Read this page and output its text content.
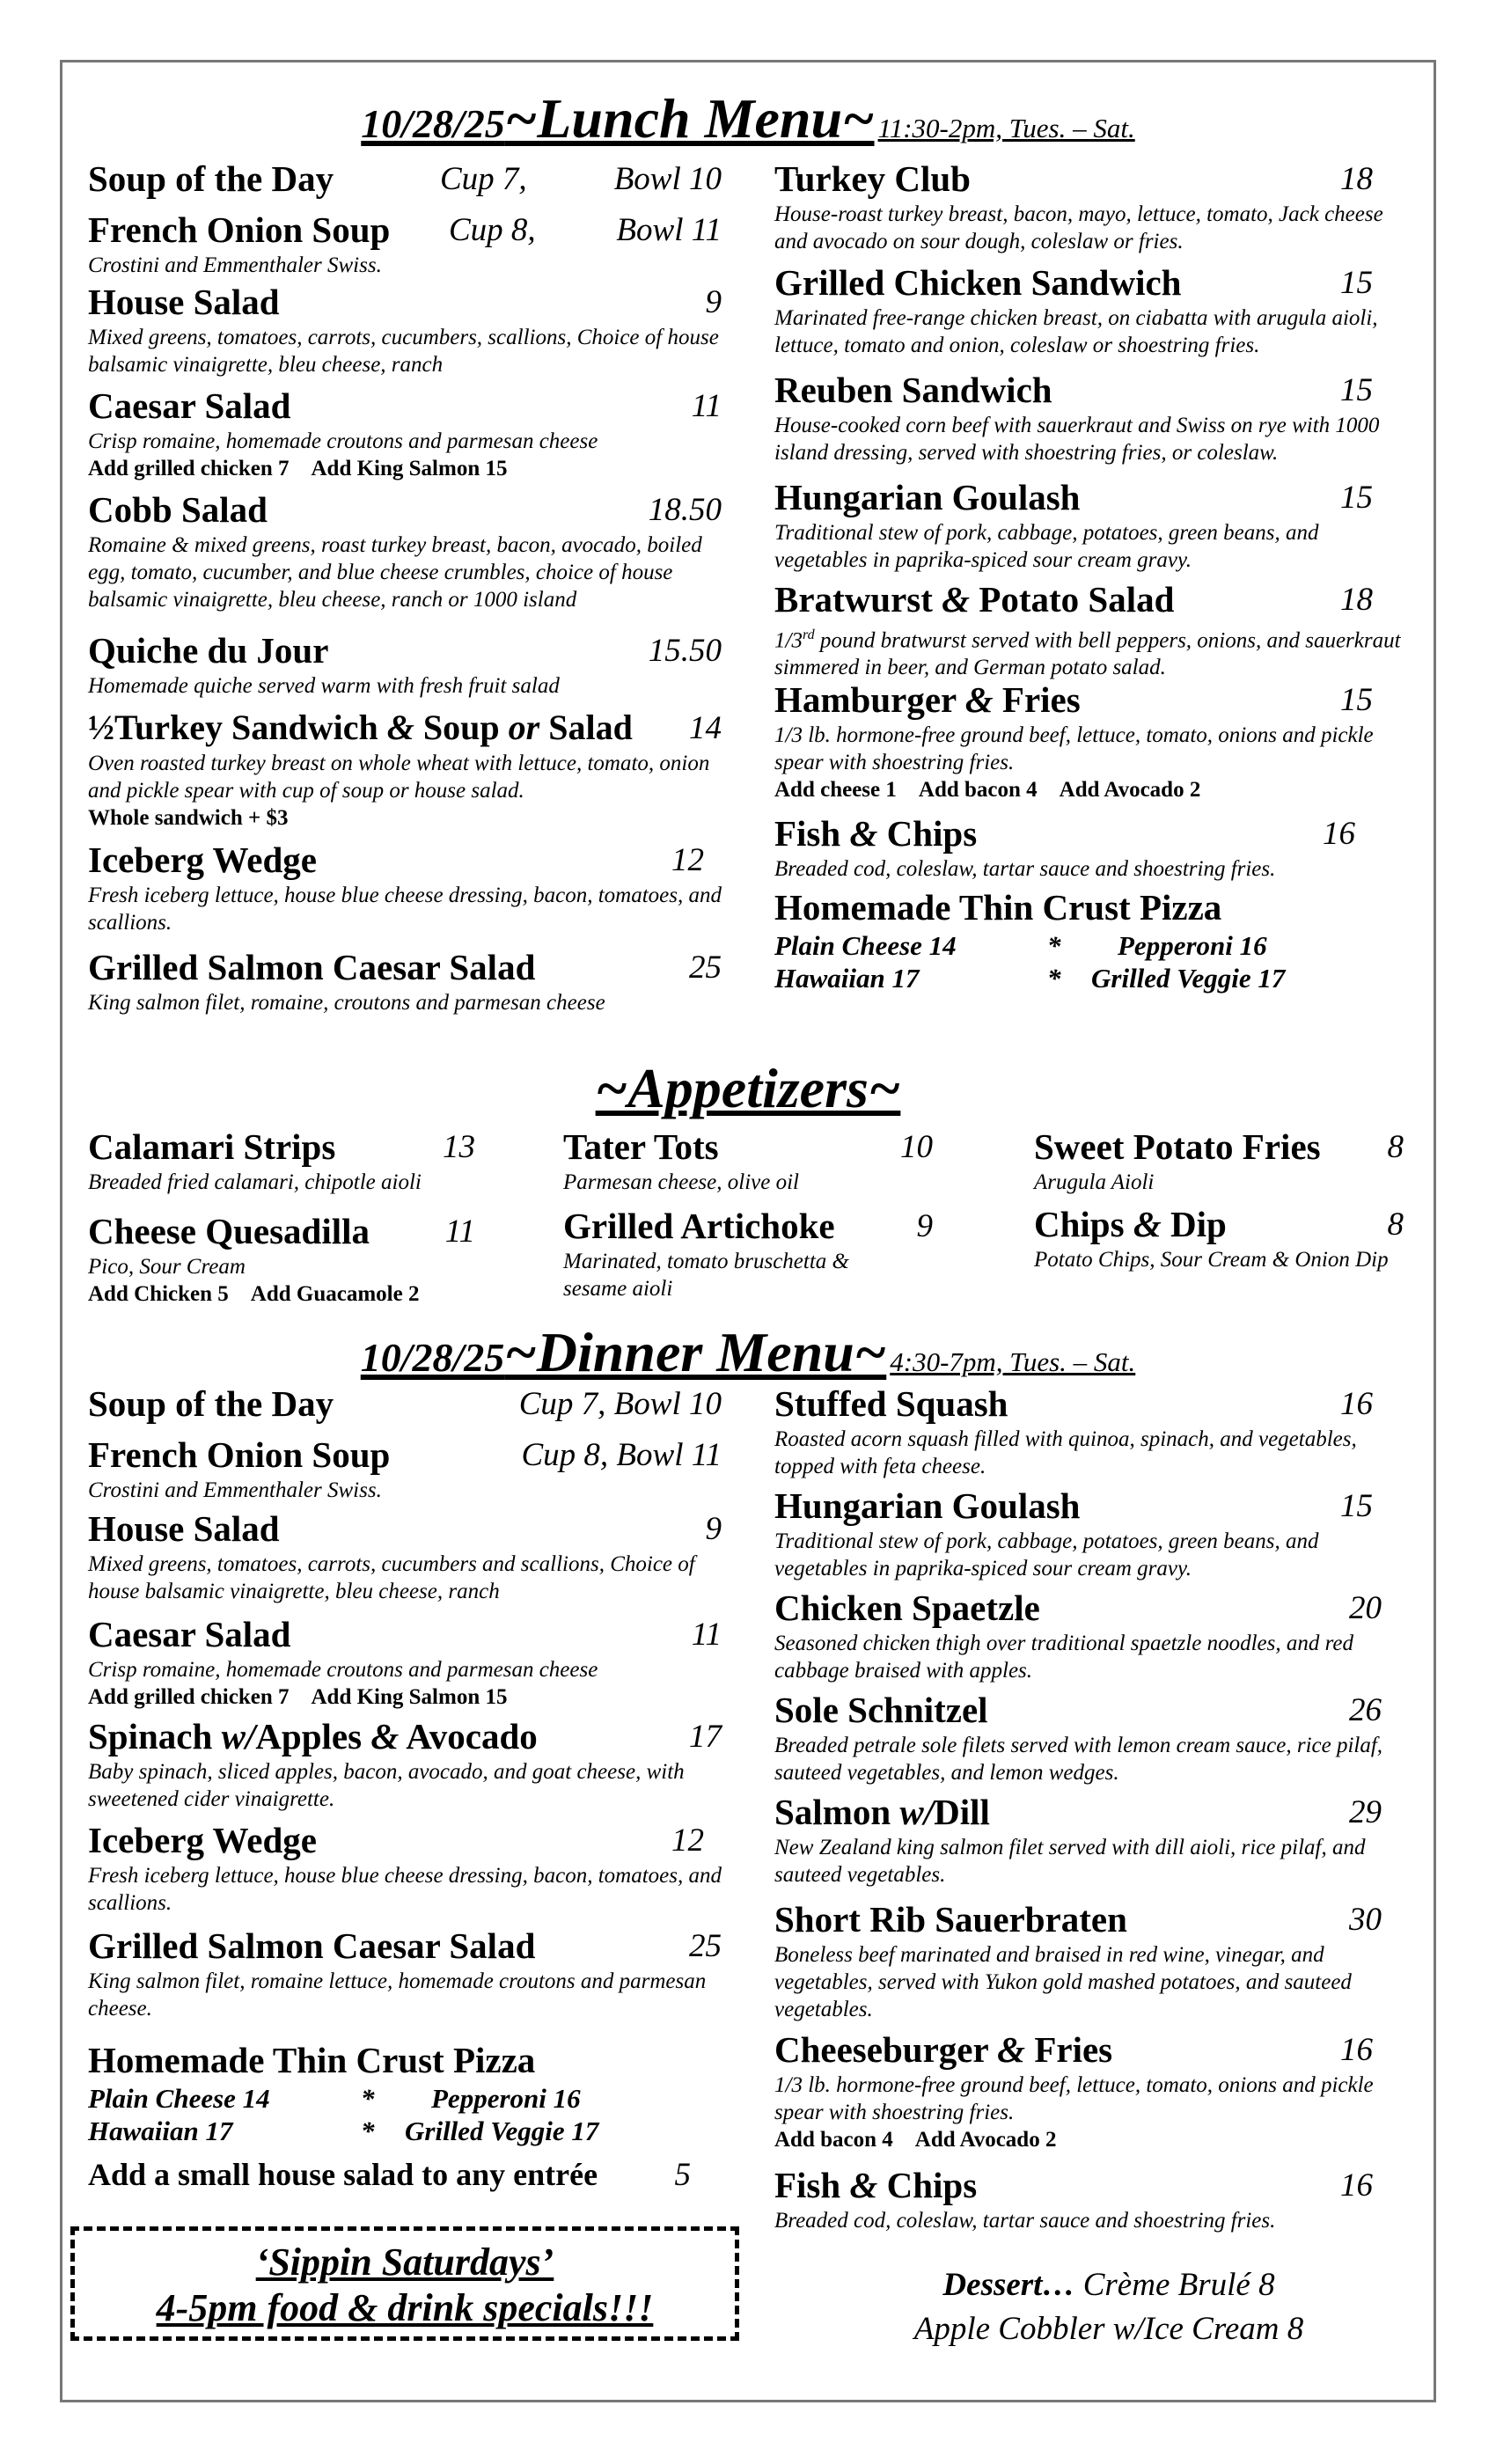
10/28/25~Lunch Menu~ 11:30-2pm, Tues. – Sat.
Soup of the Day	Cup 7,	Bowl 10
French Onion Soup	Cup 8, Bowl 11
Crostini and Emmenthaler Swiss.
House Salad	9
Mixed greens, tomatoes, carrots, cucumbers, scallions, Choice of house balsamic vinaigrette, bleu cheese, ranch
Caesar Salad	11
Crisp romaine, homemade croutons and parmesan cheese
Add grilled chicken 7 Add King Salmon 15
Cobb Salad	18.50
Romaine & mixed greens, roast turkey breast, bacon, avocado, boiled egg, tomato, cucumber, and blue cheese crumbles, choice of house balsamic vinaigrette, bleu cheese, ranch or 1000 island
Quiche du Jour	15.50
Homemade quiche served warm with fresh fruit salad
½Turkey Sandwich & Soup or Salad	14
Oven roasted turkey breast on whole wheat with lettuce, tomato, onion and pickle spear with cup of soup or house salad.
Whole sandwich + $3
Iceberg Wedge	12
Fresh iceberg lettuce, house blue cheese dressing, bacon, tomatoes, and scallions.
Grilled Salmon Caesar Salad	25
King salmon filet, romaine, croutons and parmesan cheese
Turkey Club	18
House-roast turkey breast, bacon, mayo, lettuce, tomato, Jack cheese and avocado on sour dough, coleslaw or fries.
Grilled Chicken Sandwich	15
Marinated free-range chicken breast, on ciabatta with arugula aioli, lettuce, tomato and onion, coleslaw or shoestring fries.
Reuben Sandwich	15
House-cooked corn beef with sauerkraut and Swiss on rye with 1000 island dressing, served with shoestring fries, or coleslaw.
Hungarian Goulash	15
Traditional stew of pork, cabbage, potatoes, green beans, and vegetables in paprika-spiced sour cream gravy.
Bratwurst & Potato Salad	18
1/3rd pound bratwurst served with bell peppers, onions, and sauerkraut simmered in beer, and German potato salad.
Hamburger & Fries	15
1/3 lb. hormone-free ground beef, lettuce, tomato, onions and pickle spear with shoestring fries.
Add cheese 1 Add bacon 4 Add Avocado 2
Fish & Chips	16
Breaded cod, coleslaw, tartar sauce and shoestring fries.
Homemade Thin Crust Pizza
Plain Cheese 14	* Pepperoni 16
Hawaiian 17	* Grilled Veggie 17
~Appetizers~
Calamari Strips	13
Breaded fried calamari, chipotle aioli
Cheese Quesadilla	11
Pico, Sour Cream
Add Chicken 5 Add Guacamole 2
Tater Tots	10
Parmesan cheese, olive oil
Grilled Artichoke	9
Marinated, tomato bruschetta & sesame aioli
Sweet Potato Fries	8
Arugula Aioli
Chips & Dip	8
Potato Chips, Sour Cream & Onion Dip
10/28/25~Dinner Menu~ 4:30-7pm, Tues. – Sat.
Soup of the Day	Cup 7, Bowl 10
French Onion Soup	Cup 8, Bowl 11
Crostini and Emmenthaler Swiss.
House Salad	9
Mixed greens, tomatoes, carrots, cucumbers and scallions, Choice of house balsamic vinaigrette, bleu cheese, ranch
Caesar Salad	11
Crisp romaine, homemade croutons and parmesan cheese
Add grilled chicken 7 Add King Salmon 15
Spinach w/Apples & Avocado	17
Baby spinach, sliced apples, bacon, avocado, and goat cheese, with sweetened cider vinaigrette.
Iceberg Wedge	12
Fresh iceberg lettuce, house blue cheese dressing, bacon, tomatoes, and scallions.
Grilled Salmon Caesar Salad	25
King salmon filet, romaine lettuce, homemade croutons and parmesan cheese.
Homemade Thin Crust Pizza
Plain Cheese 14	* Pepperoni 16
Hawaiian 17	* Grilled Veggie 17
Add a small house salad to any entrée	5
Stuffed Squash	16
Roasted acorn squash filled with quinoa, spinach, and vegetables, topped with feta cheese.
Hungarian Goulash	15
Traditional stew of pork, cabbage, potatoes, green beans, and vegetables in paprika-spiced sour cream gravy.
Chicken Spaetzle	20
Seasoned chicken thigh over traditional spaetzle noodles, and red cabbage braised with apples.
Sole Schnitzel	26
Breaded petrale sole filets served with lemon cream sauce, rice pilaf, sauteed vegetables, and lemon wedges.
Salmon w/Dill	29
New Zealand king salmon filet served with dill aioli, rice pilaf, and sauteed vegetables.
Short Rib Sauerbraten	30
Boneless beef marinated and braised in red wine, vinegar, and vegetables, served with Yukon gold mashed potatoes, and sauteed vegetables.
Cheeseburger & Fries	16
1/3 lb. hormone-free ground beef, lettuce, tomato, onions and pickle spear with shoestring fries.
Add bacon 4 Add Avocado 2
Fish & Chips	16
Breaded cod, coleslaw, tartar sauce and shoestring fries.
‘Sippin Saturdays’
4-5pm food & drink specials!!!
Dessert… Crème Brulé 8
Apple Cobbler w/Ice Cream 8
